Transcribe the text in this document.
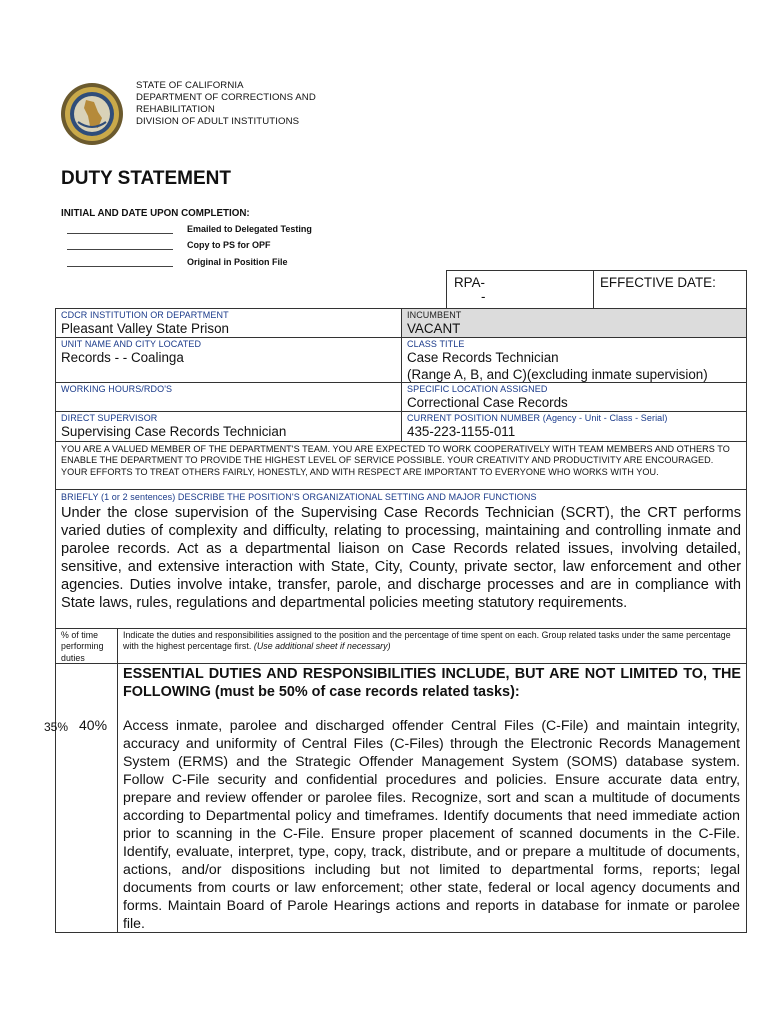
STATE OF CALIFORNIA
DEPARTMENT OF CORRECTIONS AND
REHABILITATION
DIVISION OF ADULT INSTITUTIONS
DUTY STATEMENT
INITIAL AND DATE UPON COMPLETION:
Emailed to Delegated Testing
Copy to PS for OPF
Original in Position File
RPA-
-
EFFECTIVE DATE:
CDCR INSTITUTION OR DEPARTMENT
Pleasant Valley State Prison
INCUMBENT
VACANT
UNIT NAME AND CITY LOCATED
Records - - Coalinga
CLASS TITLE
Case Records Technician
(Range A, B, and C)(excluding inmate supervision)
WORKING HOURS/RDO'S	SPECIFIC LOCATION ASSIGNED
Correctional Case Records
DIRECT SUPERVISOR
Supervising Case Records Technician
CURRENT POSITION NUMBER (Agency - Unit - Class - Serial)
435-223-1155-011
YOU ARE A VALUED MEMBER OF THE DEPARTMENT'S TEAM. YOU ARE EXPECTED TO WORK COOPERATIVELY WITH TEAM MEMBERS AND OTHERS TO ENABLE THE DEPARTMENT TO PROVIDE THE HIGHEST LEVEL OF SERVICE POSSIBLE. YOUR CREATIVITY AND PRODUCTIVITY ARE ENCOURAGED. YOUR EFFORTS TO TREAT OTHERS FAIRLY, HONESTLY, AND WITH RESPECT ARE IMPORTANT TO EVERYONE WHO WORKS WITH YOU.
BRIEFLY (1 or 2 sentences) DESCRIBE THE POSITION'S ORGANIZATIONAL SETTING AND MAJOR FUNCTIONS
Under the close supervision of the Supervising Case Records Technician (SCRT), the CRT performs varied duties of complexity and difficulty, relating to processing, maintaining and controlling inmate and parolee records. Act as a departmental liaison on Case Records related issues, involving detailed, sensitive, and extensive interaction with State, City, County, private sector, law enforcement and other agencies. Duties involve intake, transfer, parole, and discharge processes and are in compliance with State laws, rules, regulations and departmental policies meeting statutory requirements.
% of time performing duties
Indicate the duties and responsibilities assigned to the position and the percentage of time spent on each. Group related tasks under the same percentage with the highest percentage first. (Use additional sheet if necessary)
ESSENTIAL DUTIES AND RESPONSIBILITIES INCLUDE, BUT ARE NOT LIMITED TO, THE FOLLOWING (must be 50% of case records related tasks):
35% 40% Access inmate, parolee and discharged offender Central Files (C-File) and maintain integrity, accuracy and uniformity of Central Files (C-Files) through the Electronic Records Management System (ERMS) and the Strategic Offender Management System (SOMS) database system. Follow C-File security and confidential procedures and policies. Ensure accurate data entry, prepare and review offender or parolee files. Recognize, sort and scan a multitude of documents according to Departmental policy and timeframes. Identify documents that need immediate action prior to scanning in the C-File. Ensure proper placement of scanned documents in the C-File. Identify, evaluate, interpret, type, copy, track, distribute, and or prepare a multitude of documents, actions, and/or dispositions including but not limited to departmental forms, reports; legal documents from courts or law enforcement; other state, federal or local agency documents and forms. Maintain Board of Parole Hearings actions and reports in database for inmate or parolee file.
